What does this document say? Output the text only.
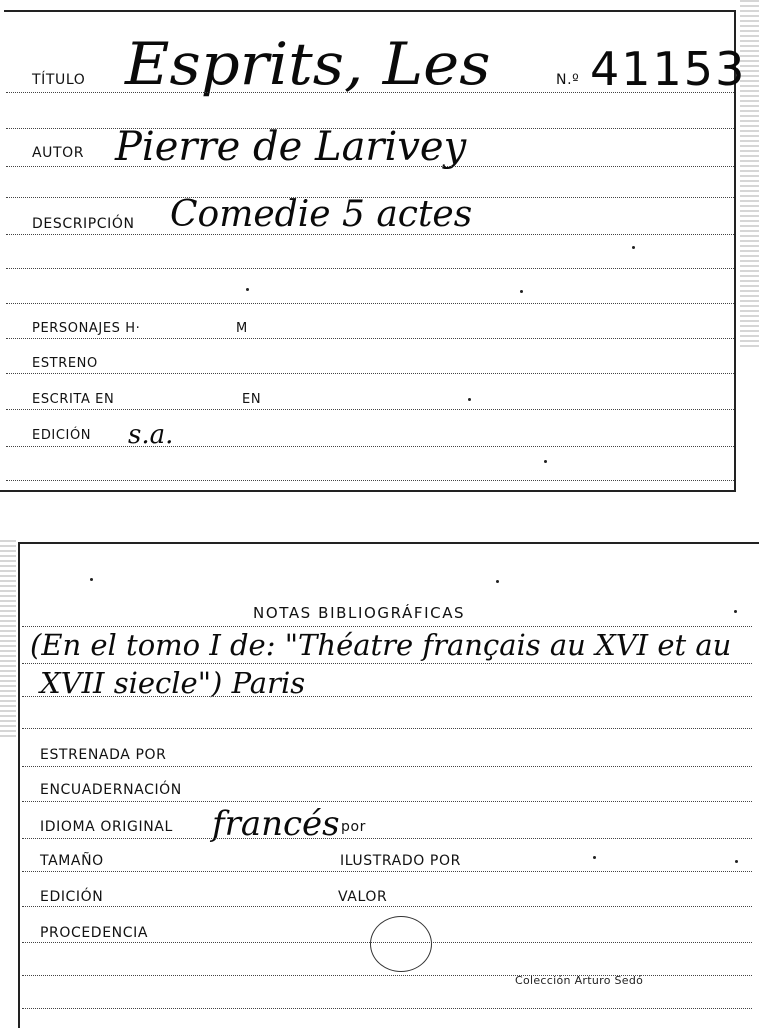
TÍTULO Esprits, Les	N.º 41153
AUTOR Pierre de Larivey
DESCRIPCIÓN Comedie 5 actes
PERSONAJES H·	M
ESTRENO
ESCRITA EN	EN
EDICIÓN s.a.
NOTAS BIBLIOGRÁFICAS
(En el tomo I de: "Théatre français au XVI et au
XVII siecle") Paris
ESTRENADA POR
ENCUADERNACIÓN
IDIOMA ORIGINAL francés por
TAMAÑO	ILUSTRADO POR
EDICIÓN	VALOR
PROCEDENCIA
Colección Arturo Sedó
